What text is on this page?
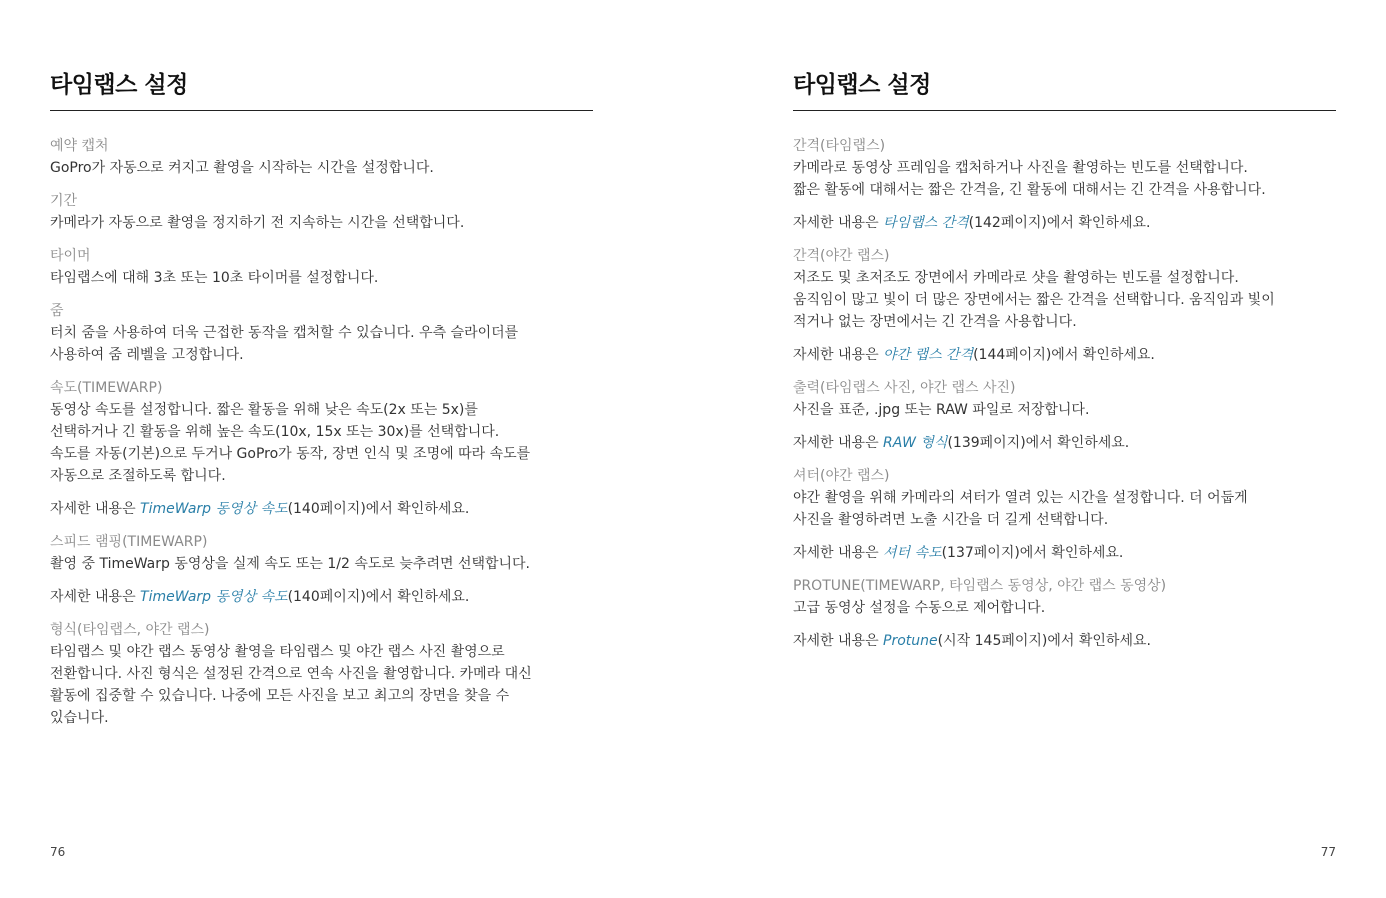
타임랩스 설정
예약 캡처
GoPro가 자동으로 켜지고 촬영을 시작하는 시간을 설정합니다.
기간
카메라가 자동으로 촬영을 정지하기 전 지속하는 시간을 선택합니다.
타이머
타임랩스에 대해 3초 또는 10초 타이머를 설정합니다.
줌
터치 줌을 사용하여 더욱 근접한 동작을 캡처할 수 있습니다. 우측 슬라이더를
사용하여 줌 레벨을 고정합니다.
속도(TIMEWARP)
동영상 속도를 설정합니다. 짧은 활동을 위해 낮은 속도(2x 또는 5x)를
선택하거나 긴 활동을 위해 높은 속도(10x, 15x 또는 30x)를 선택합니다.
속도를 자동(기본)으로 두거나 GoPro가 동작, 장면 인식 및 조명에 따라 속도를
자동으로 조절하도록 합니다.
자세한 내용은 TimeWarp 동영상 속도(140페이지)에서 확인하세요.
스피드 램핑(TIMEWARP)
촬영 중 TimeWarp 동영상을 실제 속도 또는 1/2 속도로 늦추려면 선택합니다.
자세한 내용은 TimeWarp 동영상 속도(140페이지)에서 확인하세요.
형식(타임랩스, 야간 랩스)
타임랩스 및 야간 랩스 동영상 촬영을 타임랩스 및 야간 랩스 사진 촬영으로
전환합니다. 사진 형식은 설정된 간격으로 연속 사진을 촬영합니다. 카메라 대신
활동에 집중할 수 있습니다. 나중에 모든 사진을 보고 최고의 장면을 찾을 수
있습니다.
76
타임랩스 설정
간격(타임랩스)
카메라로 동영상 프레임을 캡처하거나 사진을 촬영하는 빈도를 선택합니다.
짧은 활동에 대해서는 짧은 간격을, 긴 활동에 대해서는 긴 간격을 사용합니다.
자세한 내용은 타임랩스 간격(142페이지)에서 확인하세요.
간격(야간 랩스)
저조도 및 초저조도 장면에서 카메라로 샷을 촬영하는 빈도를 설정합니다.
움직임이 많고 빛이 더 많은 장면에서는 짧은 간격을 선택합니다. 움직임과 빛이
적거나 없는 장면에서는 긴 간격을 사용합니다.
자세한 내용은 야간 랩스 간격(144페이지)에서 확인하세요.
출력(타임랩스 사진, 야간 랩스 사진)
사진을 표준, .jpg 또는 RAW 파일로 저장합니다.
자세한 내용은 RAW 형식(139페이지)에서 확인하세요.
셔터(야간 랩스)
야간 촬영을 위해 카메라의 셔터가 열려 있는 시간을 설정합니다. 더 어둡게
사진을 촬영하려면 노출 시간을 더 길게 선택합니다.
자세한 내용은 셔터 속도(137페이지)에서 확인하세요.
PROTUNE(TIMEWARP, 타임랩스 동영상, 야간 랩스 동영상)
고급 동영상 설정을 수동으로 제어합니다.
자세한 내용은 Protune(시작 145페이지)에서 확인하세요.
77
